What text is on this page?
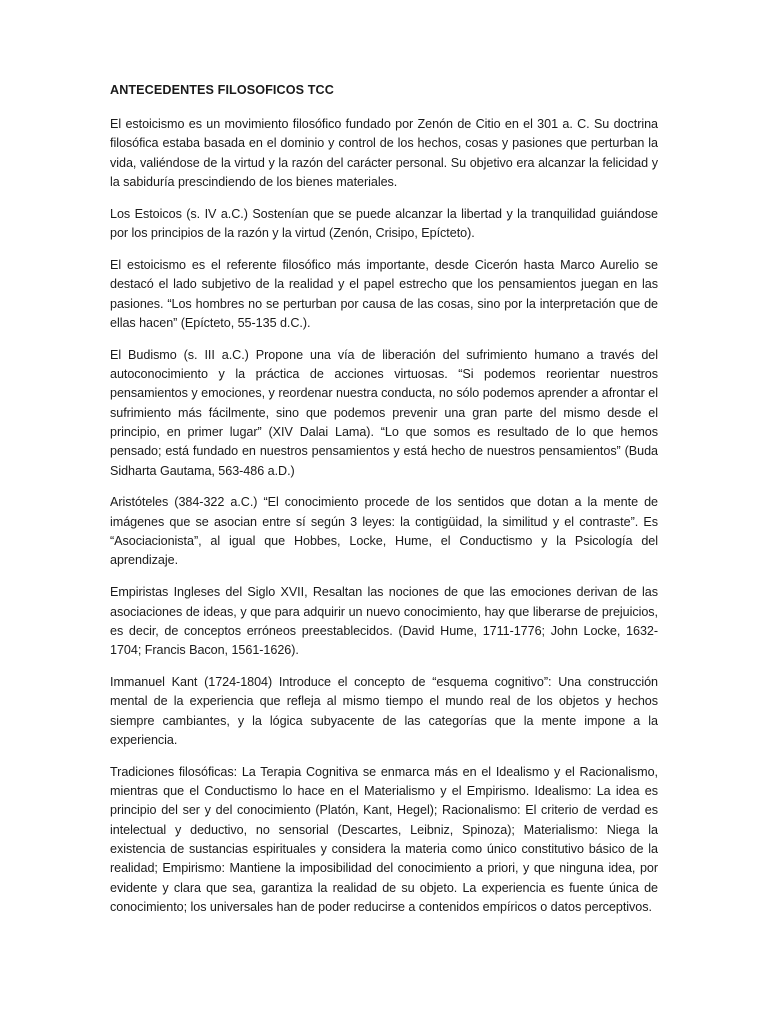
ANTECEDENTES FILOSOFICOS TCC

El estoicismo es un movimiento filosófico fundado por Zenón de Citio en el 301 a. C. Su doctrina filosófica estaba basada en el dominio y control de los hechos, cosas y pasiones que perturban la vida, valiéndose de la virtud y la razón del carácter personal. Su objetivo era alcanzar la felicidad y la sabiduría prescindiendo de los bienes materiales.

Los Estoicos (s. IV a.C.) Sostenían que se puede alcanzar la libertad y la tranquilidad guiándose por los principios de la razón y la virtud (Zenón, Crisipo, Epícteto).

El estoicismo es el referente filosófico más importante, desde Cicerón hasta Marco Aurelio se destacó el lado subjetivo de la realidad y el papel estrecho que los pensamientos juegan en las pasiones. “Los hombres no se perturban por causa de las cosas, sino por la interpretación que de ellas hacen” (Epícteto, 55-135 d.C.).

El Budismo (s. III a.C.) Propone una vía de liberación del sufrimiento humano a través del autoconocimiento y la práctica de acciones virtuosas. “Si podemos reorientar nuestros pensamientos y emociones, y reordenar nuestra conducta, no sólo podemos aprender a afrontar el sufrimiento más fácilmente, sino que podemos prevenir una gran parte del mismo desde el principio, en primer lugar” (XIV Dalai Lama). “Lo que somos es resultado de lo que hemos pensado; está fundado en nuestros pensamientos y está hecho de nuestros pensamientos” (Buda Sidharta Gautama, 563-486 a.D.)

Aristóteles (384-322 a.C.) “El conocimiento procede de los sentidos que dotan a la mente de imágenes que se asocian entre sí según 3 leyes: la contigüidad, la similitud y el contraste”. Es “Asociacionista”, al igual que Hobbes, Locke, Hume, el Conductismo y la Psicología del aprendizaje.

Empiristas Ingleses del Siglo XVII, Resaltan las nociones de que las emociones derivan de las asociaciones de ideas, y que para adquirir un nuevo conocimiento, hay que liberarse de prejuicios, es decir, de conceptos erróneos preestablecidos. (David Hume, 1711-1776; John Locke, 1632-1704; Francis Bacon, 1561-1626).

Immanuel Kant (1724-1804) Introduce el concepto de “esquema cognitivo”: Una construcción mental de la experiencia que refleja al mismo tiempo el mundo real de los objetos y hechos siempre cambiantes, y la lógica subyacente de las categorías que la mente impone a la experiencia.

Tradiciones filosóficas: La Terapia Cognitiva se enmarca más en el Idealismo y el Racionalismo, mientras que el Conductismo lo hace en el Materialismo y el Empirismo. Idealismo: La idea es principio del ser y del conocimiento (Platón, Kant, Hegel); Racionalismo: El criterio de verdad es intelectual y deductivo, no sensorial (Descartes, Leibniz, Spinoza); Materialismo: Niega la existencia de sustancias espirituales y considera la materia como único constitutivo básico de la realidad; Empirismo: Mantiene la imposibilidad del conocimiento a priori, y que ninguna idea, por evidente y clara que sea, garantiza la realidad de su objeto. La experiencia es fuente única de conocimiento; los universales han de poder reducirse a contenidos empíricos o datos perceptivos.
